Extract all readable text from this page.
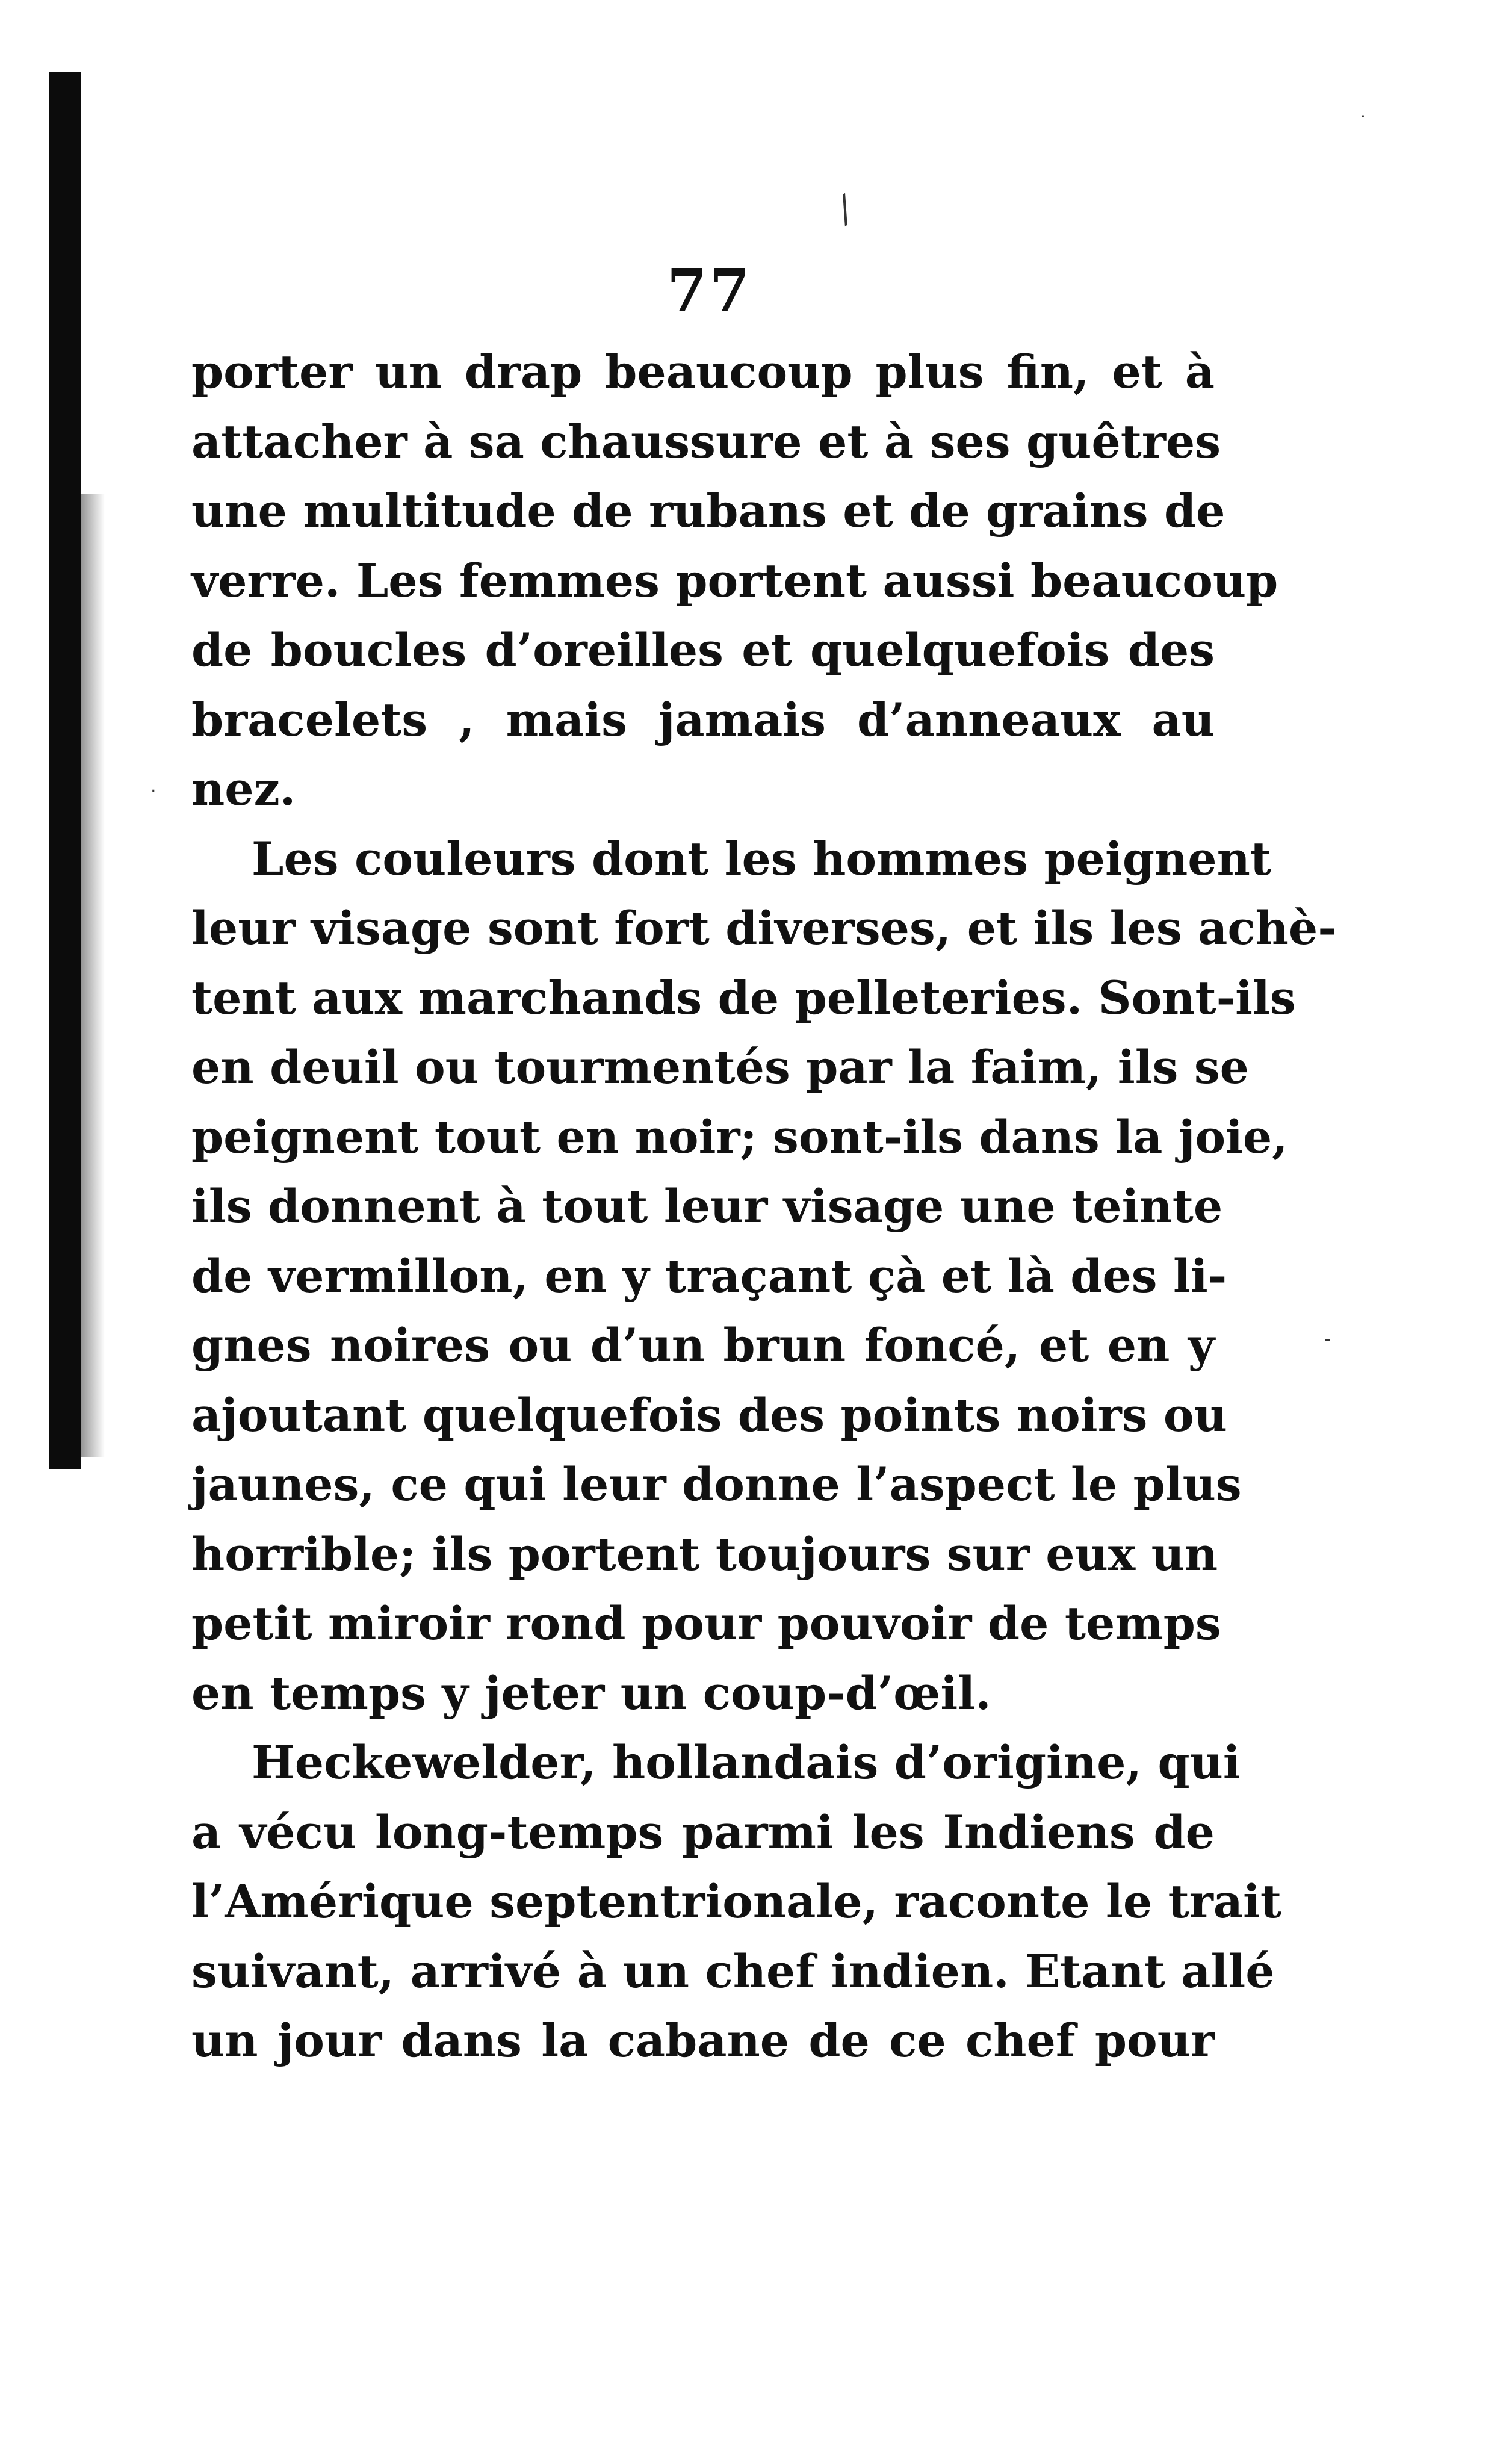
⁄
·
-
·
77
porter un drap beaucoup plus fin, et à
attacher à sa chaussure et à ses guêtres
une multitude de rubans et de grains de
verre. Les femmes portent aussi beaucoup
de boucles d’oreilles et quelquefois des
bracelets , mais jamais d’anneaux au
nez.
Les couleurs dont les hommes peignent
leur visage sont fort diverses, et ils les achè-
tent aux marchands de pelleteries. Sont-ils
en deuil ou tourmentés par la faim, ils se
peignent tout en noir; sont-ils dans la joie,
ils donnent à tout leur visage une teinte
de vermillon, en y traçant çà et là des li-
gnes noires ou d’un brun foncé, et en y
ajoutant quelquefois des points noirs ou
jaunes, ce qui leur donne l’aspect le plus
horrible; ils portent toujours sur eux un
petit miroir rond pour pouvoir de temps
en temps y jeter un coup-d’œil.
Heckewelder, hollandais d’origine, qui
a vécu long-temps parmi les Indiens de
l’Amérique septentrionale, raconte le trait
suivant, arrivé à un chef indien. Etant allé
un jour dans la cabane de ce chef pour
